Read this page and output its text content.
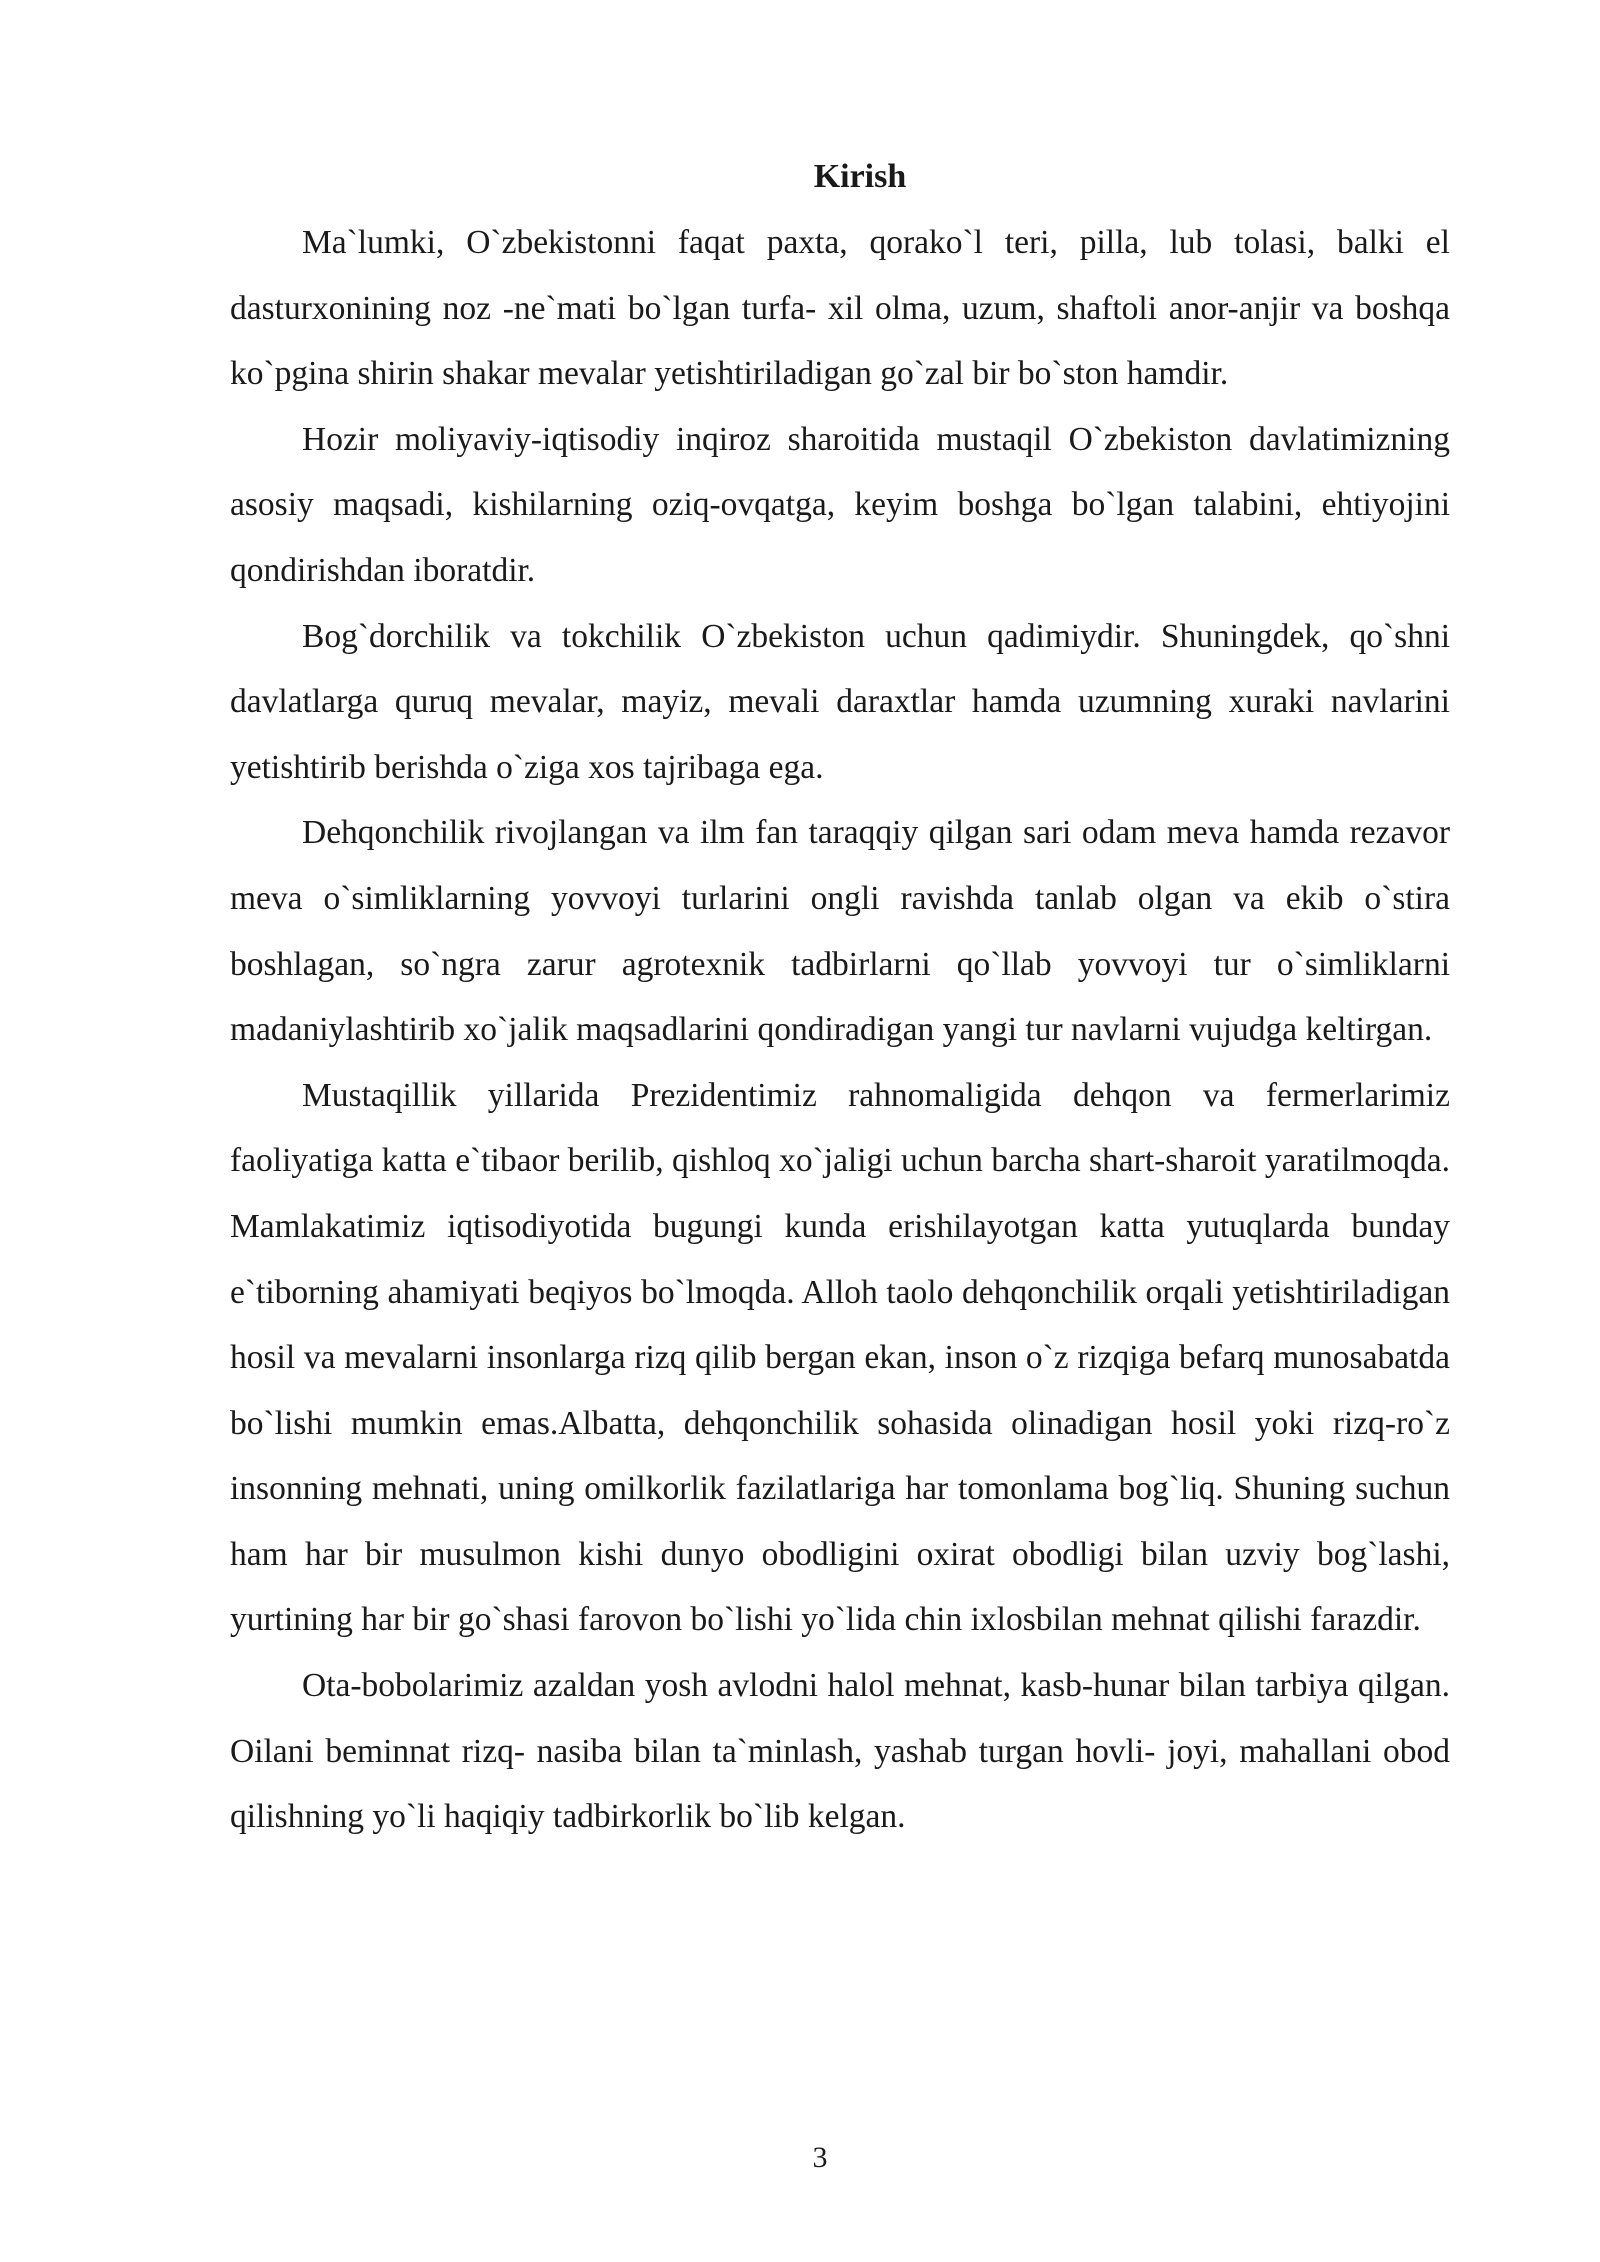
Kirish

Ma`lumki, O`zbekistonni faqat paxta, qorako`l teri, pilla, lub tolasi, balki el dasturxonining noz -ne`mati bo`lgan turfa- xil olma, uzum, shaftoli anor-anjir va boshqa ko`pgina shirin shakar mevalar yetishtiriladigan go`zal bir bo`ston hamdir.

Hozir moliyaviy-iqtisodiy inqiroz sharoitida mustaqil O`zbekiston davlatimizning asosiy maqsadi, kishilarning oziq-ovqatga, keyim boshga bo`lgan talabini, ehtiyojini qondirishdan iboratdir.

Bog`dorchilik va tokchilik O`zbekiston uchun qadimiydir. Shuningdek, qo`shni davlatlarga quruq mevalar, mayiz, mevali daraxtlar hamda uzumning xuraki navlarini yetishtirib berishda o`ziga xos tajribaga ega.

Dehqonchilik rivojlangan va ilm fan taraqqiy qilgan sari odam meva hamda rezavor meva o`simliklarning yovvoyi turlarini ongli ravishda tanlab olgan va ekib o`stira boshlagan, so`ngra zarur agrotexnik tadbirlarni qo`llab yovvoyi tur o`simliklarni madaniylashtirib xo`jalik maqsadlarini qondiradigan yangi tur navlarni vujudga keltirgan.

Mustaqillik yillarida Prezidentimiz rahnomaligida dehqon va fermerlarimiz faoliyatiga katta e`tibaor berilib, qishloq xo`jaligi uchun barcha shart-sharoit yaratilmoqda. Mamlakatimiz iqtisodiyotida bugungi kunda erishilayotgan katta yutuqlarda bunday e`tiborning ahamiyati beqiyos bo`lmoqda. Alloh taolo dehqonchilik orqali yetishtiriladigan hosil va mevalarni insonlarga rizq qilib bergan ekan, inson o`z rizqiga befarq munosabatda bo`lishi mumkin emas.Albatta, dehqonchilik sohasida olinadigan hosil yoki rizq-ro`z insonning mehnati, uning omilkorlik fazilatlariga har tomonlama bog`liq. Shuning suchun ham har bir musulmon kishi dunyo obodligini oxirat obodligi bilan uzviy bog`lashi, yurtining har bir go`shasi farovon bo`lishi yo`lida chin ixlosbilan mehnat qilishi farazdir.

Ota-bobolarimiz azaldan yosh avlodni halol mehnat, kasb-hunar bilan tarbiya qilgan. Oilani beminnat rizq- nasiba bilan ta`minlash, yashab turgan hovli- joyi, mahallani obod qilishning yo`li haqiqiy tadbirkorlik bo`lib kelgan.

3
